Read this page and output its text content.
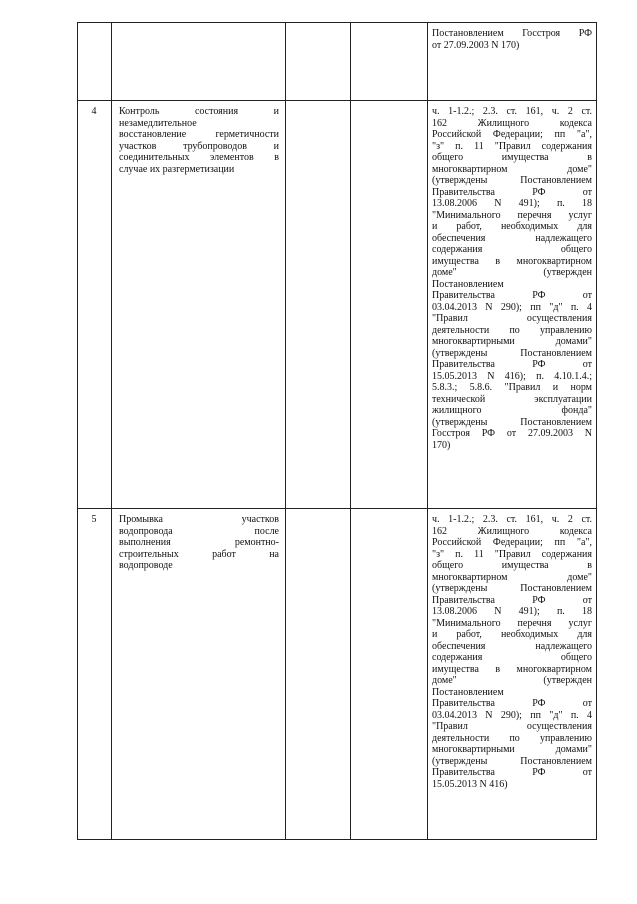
Постановлением Госстроя РФ
от 27.09.2003 N 170)
4	Контроль состояния и
незамедлительное
восстановление герметичности
участков трубопроводов и
соединительных элементов в
случае их разгерметизации
ч. 1-1.2.; 2.3. ст. 161, ч. 2 ст.
162 Жилищного кодекса
Российской Федерации; пп "а",
"з" п. 11 "Правил содержания
общего имущества в
многоквартирном доме"
(утверждены Постановлением
Правительства РФ от
13.08.2006 N 491); п. 18
"Минимального перечня услуг
и работ, необходимых для
обеспечения надлежащего
содержания общего
имущества в многоквартирном
доме" (утвержден
Постановлением
Правительства РФ от
03.04.2013 N 290); пп "д" п. 4
"Правил осуществления
деятельности по управлению
многоквартирными домами"
(утверждены Постановлением
Правительства РФ от
15.05.2013 N 416); п. 4.10.1.4.;
5.8.3.; 5.8.6. "Правил и норм
технической эксплуатации
жилищного фонда"
(утверждены Постановлением
Госстроя РФ от 27.09.2003 N
170)
5	Промывка участков
водопровода после
выполнения ремонтно-
строительных работ на
водопроводе
ч. 1-1.2.; 2.3. ст. 161, ч. 2 ст.
162 Жилищного кодекса
Российской Федерации; пп "а",
"з" п. 11 "Правил содержания
общего имущества в
многоквартирном доме"
(утверждены Постановлением
Правительства РФ от
13.08.2006 N 491); п. 18
"Минимального перечня услуг
и работ, необходимых для
обеспечения надлежащего
содержания общего
имущества в многоквартирном
доме" (утвержден
Постановлением
Правительства РФ от
03.04.2013 N 290); пп "д" п. 4
"Правил осуществления
деятельности по управлению
многоквартирными домами"
(утверждены Постановлением
Правительства РФ от
15.05.2013 N 416)
